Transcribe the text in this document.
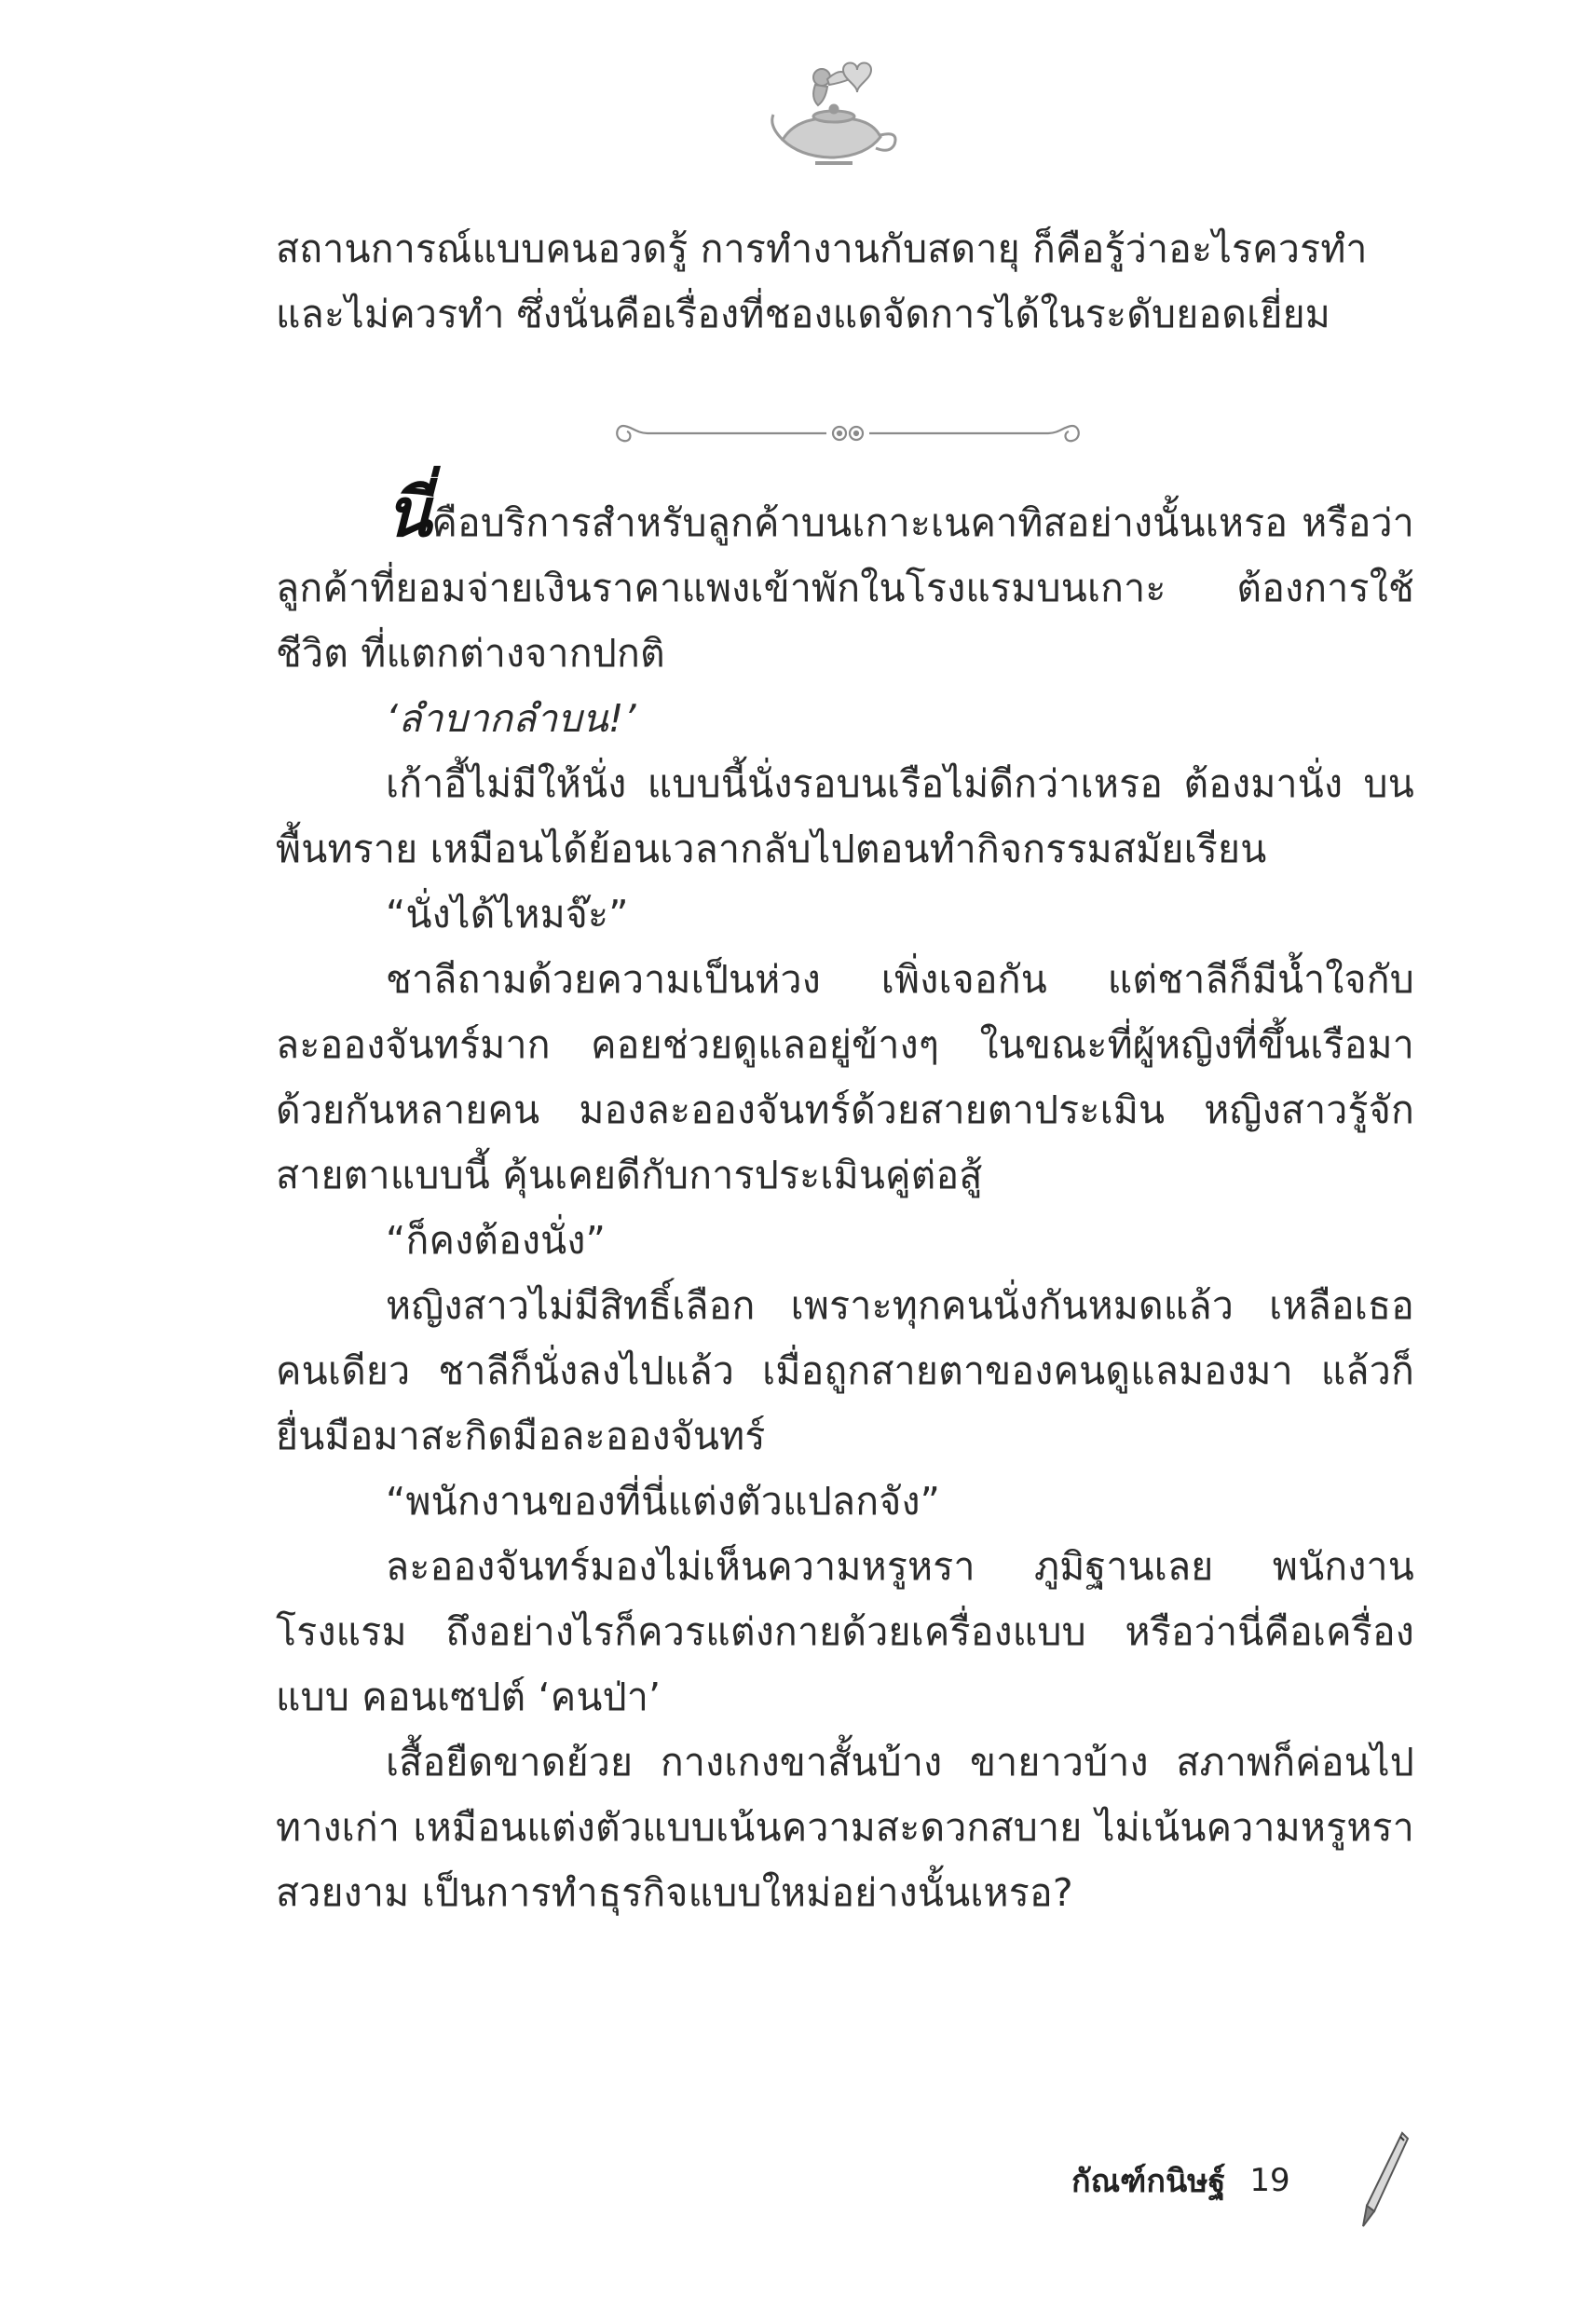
สถานการณ์แบบคนอวดรู้ การทำงานกับสดายุ ก็คือรู้ว่าอะไรควรทำ

และไม่ควรทำ ซึ่งนั่นคือเรื่องที่ชองแดจัดการได้ในระดับยอดเยี่ยม

นี่คือบริการสำหรับลูกค้าบนเกาะเนคาทิสอย่างนั้นเหรอ หรือว่า ลูกค้าที่ยอมจ่ายเงินราคาแพงเข้าพักในโรงแรมบนเกาะ ต้องการใช้ชีวิต ที่แตกต่างจากปกติ

‘ลำบากลำบน!’

เก้าอี้ไม่มีให้นั่ง แบบนี้นั่งรอบนเรือไม่ดีกว่าเหรอ ต้องมานั่ง บนพื้นทราย เหมือนได้ย้อนเวลากลับไปตอนทำกิจกรรมสมัยเรียน

“นั่งได้ไหมจ๊ะ”

ชาลีถามด้วยความเป็นห่วง เพิ่งเจอกัน แต่ชาลีก็มีน้ำใจกับ ละอองจันทร์มาก คอยช่วยดูแลอยู่ข้างๆ ในขณะที่ผู้หญิงที่ขึ้นเรือมา ด้วยกันหลายคน มองละอองจันทร์ด้วยสายตาประเมิน หญิงสาวรู้จัก สายตาแบบนี้ คุ้นเคยดีกับการประเมินคู่ต่อสู้

“ก็คงต้องนั่ง”

หญิงสาวไม่มีสิทธิ์เลือก เพราะทุกคนนั่งกันหมดแล้ว เหลือเธอ คนเดียว ชาลีก็นั่งลงไปแล้ว เมื่อถูกสายตาของคนดูแลมองมา แล้วก็ ยื่นมือมาสะกิดมือละอองจันทร์

“พนักงานของที่นี่แต่งตัวแปลกจัง”

ละอองจันทร์มองไม่เห็นความหรูหรา ภูมิฐานเลย พนักงานโรงแรม ถึงอย่างไรก็ควรแต่งกายด้วยเครื่องแบบ หรือว่านี่คือเครื่องแบบ คอนเซปต์ ‘คนป่า’

เสื้อยืดขาดย้วย กางเกงขาสั้นบ้าง ขายาวบ้าง สภาพก็ค่อนไป ทางเก่า เหมือนแต่งตัวแบบเน้นความสะดวกสบาย ไม่เน้นความหรูหรา สวยงาม เป็นการทำธุรกิจแบบใหม่อย่างนั้นเหรอ?

กัณฑ์กนิษฐ์ 19
